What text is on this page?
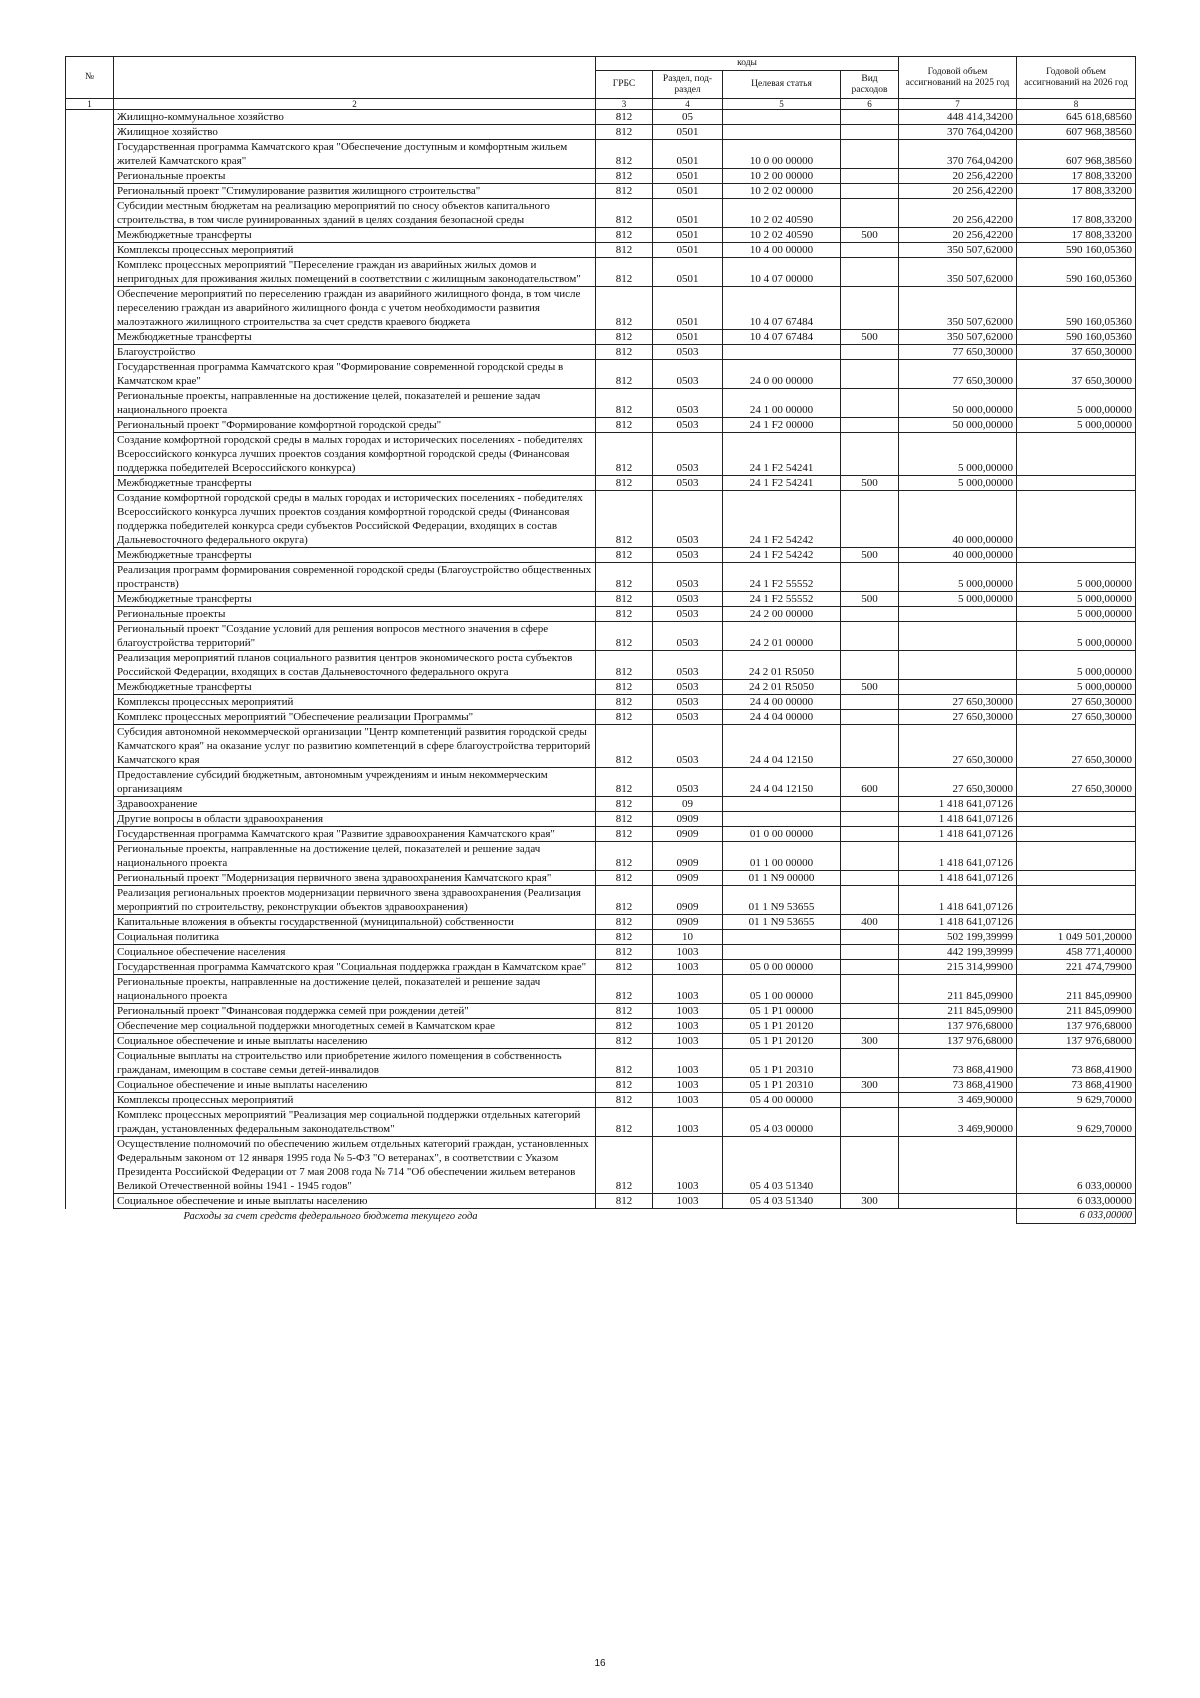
№		коды				Годовой объем ассигнований на 2025 год	Годовой объем ассигнований на 2026 год
		ГРБС	Раздел, под-раздел	Целевая статья	Вид расходов		
1	2	3	4	5	6	7	8
	Жилищно-коммунальное хозяйство	812	05			448 414,34200	645 618,68560
	Жилищное хозяйство	812	0501			370 764,04200	607 968,38560
	Государственная программа Камчатского края "Обеспечение доступным и комфортным жильем жителей Камчатского края"	812	0501	10 0 00 00000		370 764,04200	607 968,38560
	Региональные проекты	812	0501	10 2 00 00000		20 256,42200	17 808,33200
	Региональный проект "Стимулирование развития жилищного строительства"	812	0501	10 2 02 00000		20 256,42200	17 808,33200
	Субсидии местным бюджетам на реализацию мероприятий по сносу объектов капитального строительства, в том числе руинированных зданий в целях создания безопасной среды	812	0501	10 2 02 40590		20 256,42200	17 808,33200
	Межбюджетные трансферты	812	0501	10 2 02 40590	500	20 256,42200	17 808,33200
	Комплексы процессных мероприятий	812	0501	10 4 00 00000		350 507,62000	590 160,05360
	Комплекс процессных мероприятий "Переселение граждан из аварийных жилых домов и непригодных для проживания жилых помещений в соответствии с жилищным законодательством"	812	0501	10 4 07 00000		350 507,62000	590 160,05360
	Обеспечение мероприятий по переселению граждан из аварийного жилищного фонда, в том числе переселению граждан из аварийного жилищного фонда с учетом необходимости развития малоэтажного жилищного строительства за счет средств краевого бюджета	812	0501	10 4 07 67484		350 507,62000	590 160,05360
	Межбюджетные трансферты	812	0501	10 4 07 67484	500	350 507,62000	590 160,05360
	Благоустройство	812	0503			77 650,30000	37 650,30000
	Государственная программа Камчатского края "Формирование современной городской среды в Камчатском крае"	812	0503	24 0 00 00000		77 650,30000	37 650,30000
	Региональные проекты, направленные на достижение целей, показателей и решение задач национального проекта	812	0503	24 1 00 00000		50 000,00000	5 000,00000
	Региональный проект "Формирование комфортной городской среды"	812	0503	24 1 F2 00000		50 000,00000	5 000,00000
	Создание комфортной городской среды в малых городах и исторических поселениях - победителях Всероссийского конкурса лучших проектов создания комфортной городской среды (Финансовая поддержка победителей Всероссийского конкурса)	812	0503	24 1 F2 54241		5 000,00000	
	Межбюджетные трансферты	812	0503	24 1 F2 54241	500	5 000,00000	
	Создание комфортной городской среды в малых городах и исторических поселениях - победителях Всероссийского конкурса лучших проектов создания комфортной городской среды (Финансовая поддержка победителей конкурса среди субъектов Российской Федерации, входящих в состав Дальневосточного федерального округа)	812	0503	24 1 F2 54242		40 000,00000	
	Межбюджетные трансферты	812	0503	24 1 F2 54242	500	40 000,00000	
	Реализация программ формирования современной городской среды (Благоустройство общественных пространств)	812	0503	24 1 F2 55552		5 000,00000	5 000,00000
	Межбюджетные трансферты	812	0503	24 1 F2 55552	500	5 000,00000	5 000,00000
	Региональные проекты	812	0503	24 2 00 00000			5 000,00000
	Региональный проект "Создание условий для решения вопросов местного значения в сфере благоустройства территорий"	812	0503	24 2 01 00000			5 000,00000
	Реализация мероприятий планов социального развития центров экономического роста субъектов Российской Федерации, входящих в состав Дальневосточного федерального округа	812	0503	24 2 01 R5050			5 000,00000
	Межбюджетные трансферты	812	0503	24 2 01 R5050	500		5 000,00000
	Комплексы процессных мероприятий	812	0503	24 4 00 00000		27 650,30000	27 650,30000
	Комплекс процессных мероприятий "Обеспечение реализации Программы"	812	0503	24 4 04 00000		27 650,30000	27 650,30000
	Субсидия автономной некоммерческой организации "Центр компетенций развития городской среды Камчатского края" на оказание услуг по развитию компетенций в сфере благоустройства территорий Камчатского края	812	0503	24 4 04 12150		27 650,30000	27 650,30000
	Предоставление субсидий бюджетным, автономным учреждениям и иным некоммерческим организациям	812	0503	24 4 04 12150	600	27 650,30000	27 650,30000
	Здравоохранение	812	09			1 418 641,07126	
	Другие вопросы в области здравоохранения	812	0909			1 418 641,07126	
	Государственная программа Камчатского края "Развитие здравоохранения Камчатского края"	812	0909	01 0 00 00000		1 418 641,07126	
	Региональные проекты, направленные на достижение целей, показателей и решение задач национального проекта	812	0909	01 1 00 00000		1 418 641,07126	
	Региональный проект "Модернизация первичного звена здравоохранения Камчатского края"	812	0909	01 1 N9 00000		1 418 641,07126	
	Реализация региональных проектов модернизации первичного звена здравоохранения (Реализация мероприятий по строительству, реконструкции объектов здравоохранения)	812	0909	01 1 N9 53655		1 418 641,07126	
	Капитальные вложения в объекты государственной (муниципальной) собственности	812	0909	01 1 N9 53655	400	1 418 641,07126	
	Социальная политика	812	10			502 199,39999	1 049 501,20000
	Социальное обеспечение населения	812	1003			442 199,39999	458 771,40000
	Государственная программа Камчатского края "Социальная поддержка граждан в Камчатском крае"	812	1003	05 0 00 00000		215 314,99900	221 474,79900
	Региональные проекты, направленные на достижение целей, показателей и решение задач национального проекта	812	1003	05 1 00 00000		211 845,09900	211 845,09900
	Региональный проект "Финансовая поддержка семей при рождении детей"	812	1003	05 1 P1 00000		211 845,09900	211 845,09900
	Обеспечение мер социальной поддержки многодетных семей в Камчатском крае	812	1003	05 1 P1 20120		137 976,68000	137 976,68000
	Социальное обеспечение и иные выплаты населению	812	1003	05 1 P1 20120	300	137 976,68000	137 976,68000
	Социальные выплаты на строительство или приобретение жилого помещения в собственность гражданам, имеющим в составе семьи детей-инвалидов	812	1003	05 1 P1 20310		73 868,41900	73 868,41900
	Социальное обеспечение и иные выплаты населению	812	1003	05 1 P1 20310	300	73 868,41900	73 868,41900
	Комплексы процессных мероприятий	812	1003	05 4 00 00000		3 469,90000	9 629,70000
	Комплекс процессных мероприятий "Реализация мер социальной поддержки отдельных категорий граждан, установленных федеральным законодательством"	812	1003	05 4 03 00000		3 469,90000	9 629,70000
	Осуществление полномочий по обеспечению жильем отдельных категорий граждан, установленных Федеральным законом от 12 января 1995 года № 5-ФЗ "О ветеранах", в соответствии с Указом Президента Российской Федерации от 7 мая 2008 года № 714 "Об обеспечении жильем ветеранов Великой Отечественной войны 1941 - 1945 годов"	812	1003	05 4 03 51340			6 033,00000
	Социальное обеспечение и иные выплаты населению	812	1003	05 4 03 51340	300		6 033,00000
Расходы за счет средств федерального бюджета текущего года							6 033,00000
16
